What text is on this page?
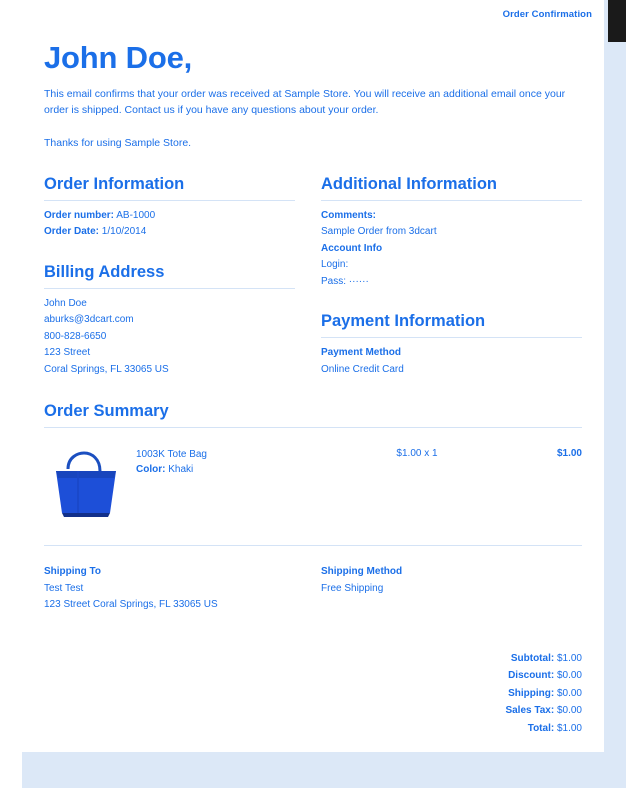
Order Confirmation
John Doe,

This email confirms that your order was received at Sample Store. You will receive an additional email once your order is shipped. Contact us if you have any questions about your order.

Thanks for using Sample Store.
Order Information
Order number: AB-1000
Order Date: 1/10/2014
Billing Address
John Doe
aburks@3dcart.com
800-828-6650
123 Street
Coral Springs, FL 33065 US
Additional Information
Comments:
Sample Order from 3dcart
Account Info
Login:
Pass: ······
Payment Information
Payment Method
Online Credit Card
Order Summary
1003K Tote Bag
Color: Khaki
$1.00 x 1	$1.00
Shipping To
Test Test
123 Street Coral Springs, FL 33065 US
Shipping Method
Free Shipping
Subtotal: $1.00
Discount: $0.00
Shipping: $0.00
Sales Tax: $0.00
Total: $1.00
